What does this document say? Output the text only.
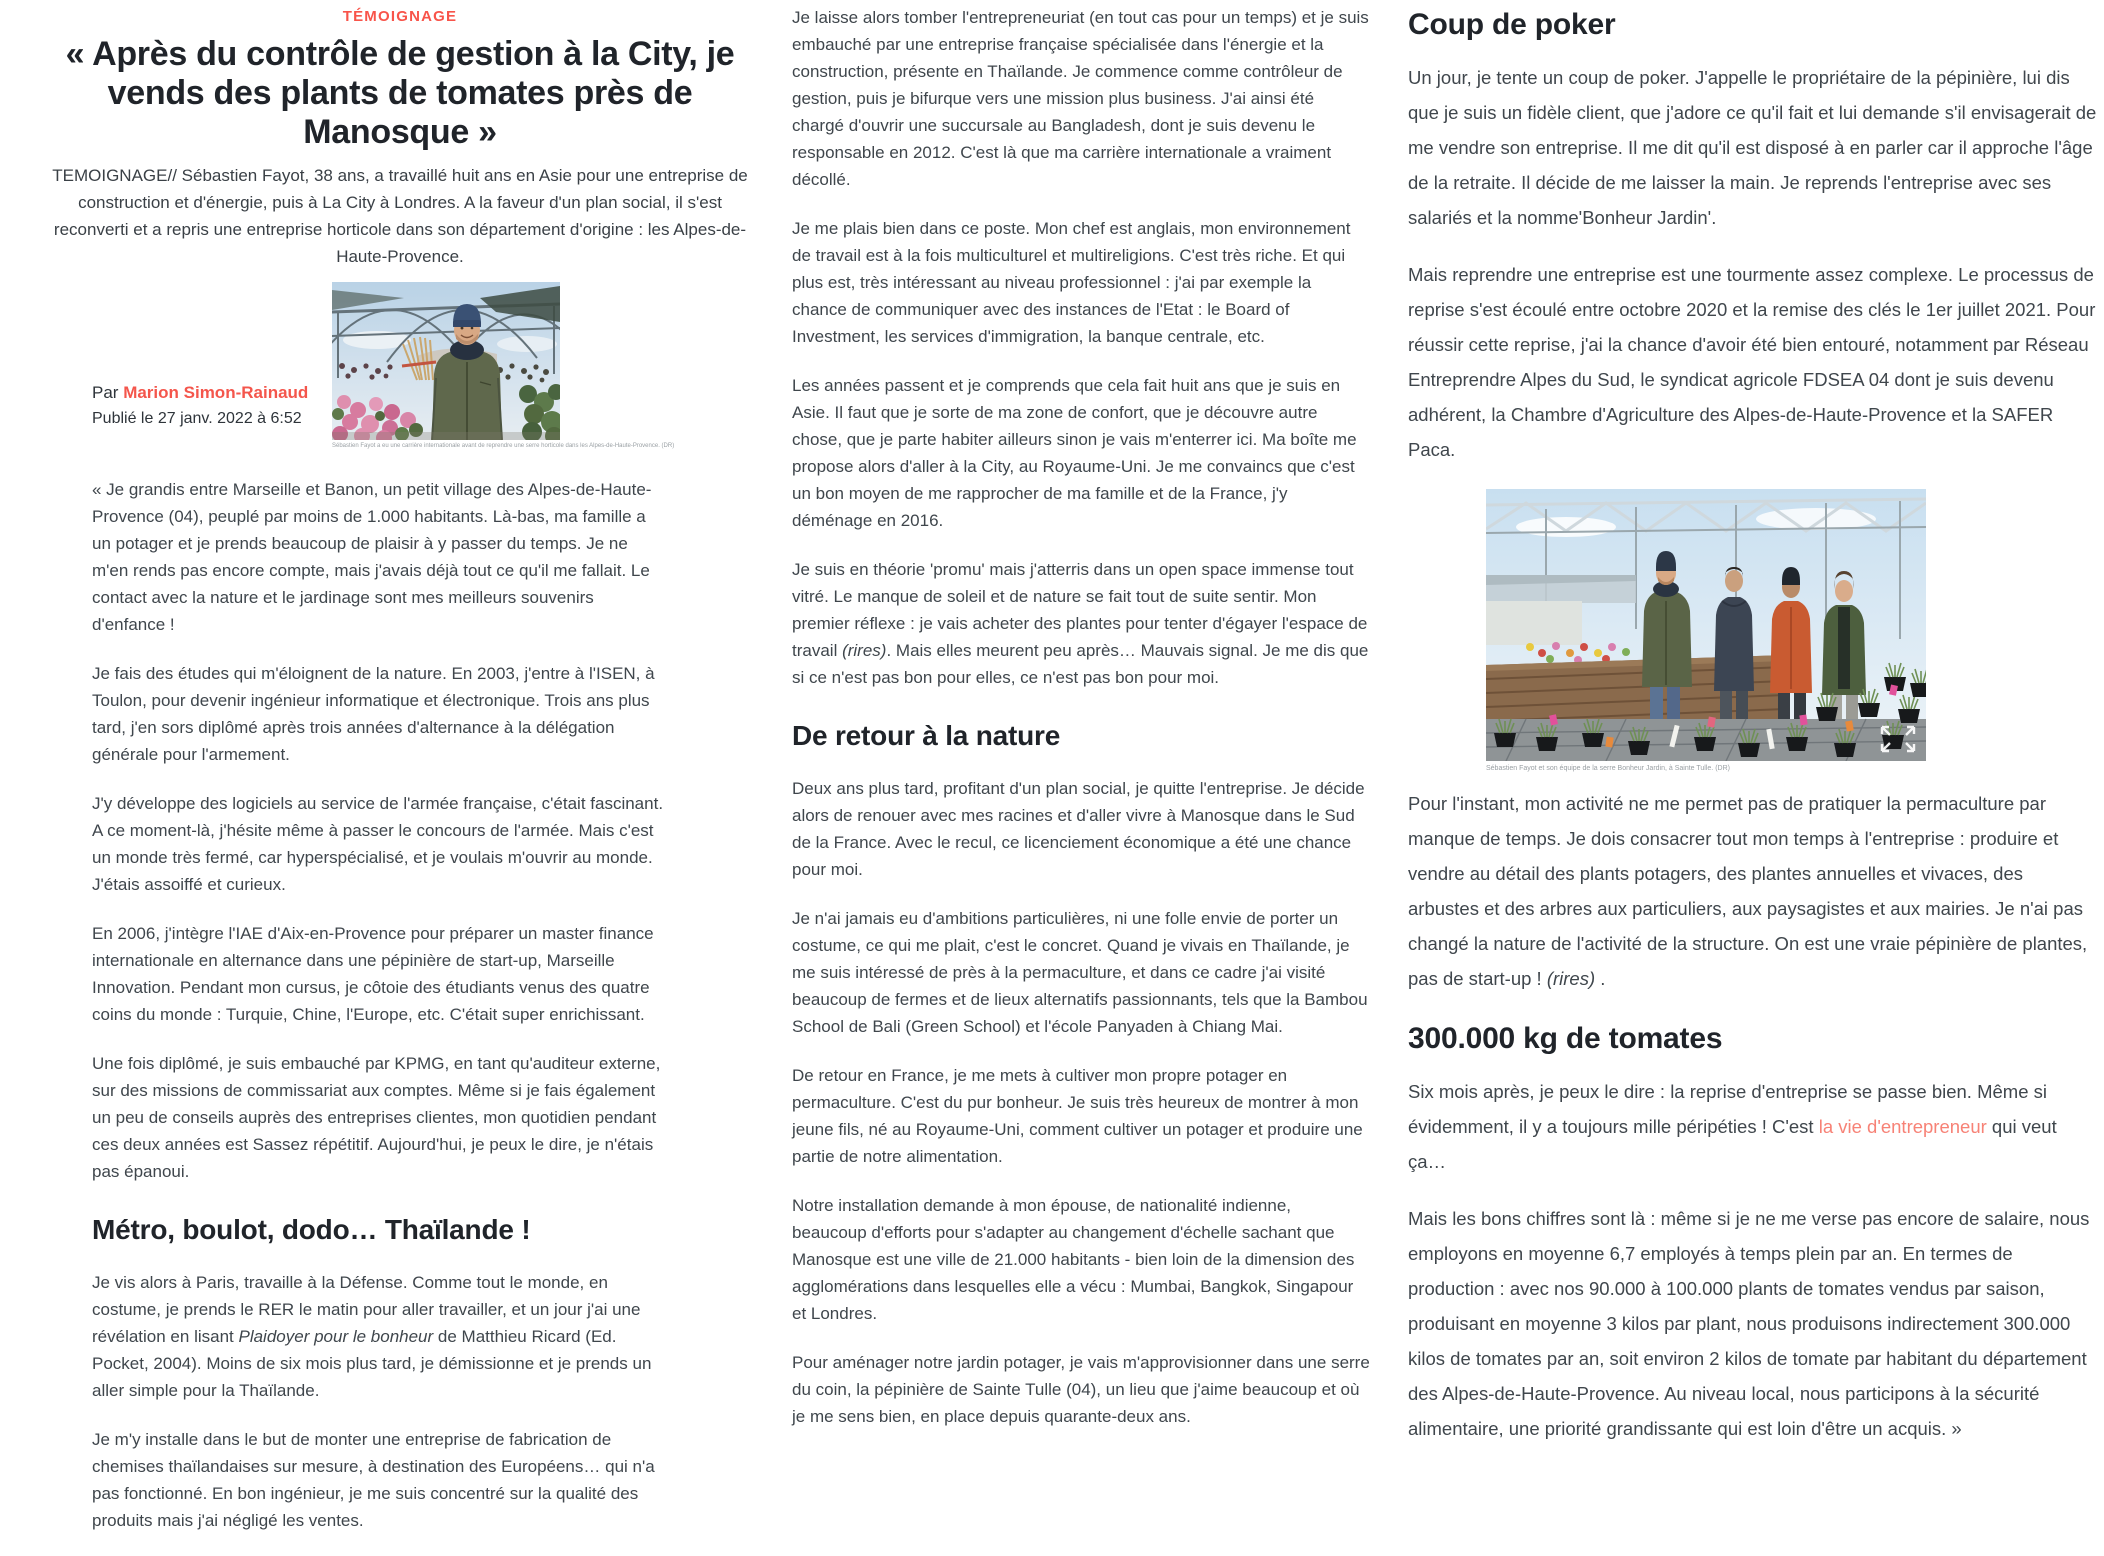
TÉMOIGNAGE
« Après du contrôle de gestion à la City, je vends des plants de tomates près de Manosque »

TEMOIGNAGE// Sébastien Fayot, 38 ans, a travaillé huit ans en Asie pour une entreprise de construction et d'énergie, puis à La City à Londres. A la faveur d'un plan social, il s'est reconverti et a repris une entreprise horticole dans son département d'origine : les Alpes-de-Haute-Provence.

Par Marion Simon-Rainaud
Publié le 27 janv. 2022 à 6:52
Sébastien Fayot a eu une carrière internationale avant de reprendre une serre horticole dans les Alpes-de-Haute-Provence. (DR)

« Je grandis entre Marseille et Banon, un petit village des Alpes-de-Haute-Provence (04), peuplé par moins de 1.000 habitants. Là-bas, ma famille a un potager et je prends beaucoup de plaisir à y passer du temps. Je ne m'en rends pas encore compte, mais j'avais déjà tout ce qu'il me fallait. Le contact avec la nature et le jardinage sont mes meilleurs souvenirs d'enfance !

Je fais des études qui m'éloignent de la nature. En 2003, j'entre à l'ISEN, à Toulon, pour devenir ingénieur informatique et électronique. Trois ans plus tard, j'en sors diplômé après trois années d'alternance à la délégation générale pour l'armement.

J'y développe des logiciels au service de l'armée française, c'était fascinant. A ce moment-là, j'hésite même à passer le concours de l'armée. Mais c'est un monde très fermé, car hyperspécialisé, et je voulais m'ouvrir au monde. J'étais assoiffé et curieux.

En 2006, j'intègre l'IAE d'Aix-en-Provence pour préparer un master finance internationale en alternance dans une pépinière de start-up, Marseille Innovation. Pendant mon cursus, je côtoie des étudiants venus des quatre coins du monde : Turquie, Chine, l'Europe, etc. C'était super enrichissant.

Une fois diplômé, je suis embauché par KPMG, en tant qu'auditeur externe, sur des missions de commissariat aux comptes. Même si je fais également un peu de conseils auprès des entreprises clientes, mon quotidien pendant ces deux années est Sassez répétitif. Aujourd'hui, je peux le dire, je n'étais pas épanoui.

Métro, boulot, dodo… Thaïlande !

Je vis alors à Paris, travaille à la Défense. Comme tout le monde, en costume, je prends le RER le matin pour aller travailler, et un jour j'ai une révélation en lisant Plaidoyer pour le bonheur de Matthieu Ricard (Ed. Pocket, 2004). Moins de six mois plus tard, je démissionne et je prends un aller simple pour la Thaïlande.

Je m'y installe dans le but de monter une entreprise de fabrication de chemises thaïlandaises sur mesure, à destination des Européens… qui n'a pas fonctionné. En bon ingénieur, je me suis concentré sur la qualité des produits mais j'ai négligé les ventes.

Je laisse alors tomber l'entrepreneuriat (en tout cas pour un temps) et je suis embauché par une entreprise française spécialisée dans l'énergie et la construction, présente en Thaïlande. Je commence comme contrôleur de gestion, puis je bifurque vers une mission plus business. J'ai ainsi été chargé d'ouvrir une succursale au Bangladesh, dont je suis devenu le responsable en 2012. C'est là que ma carrière internationale a vraiment décollé.

Je me plais bien dans ce poste. Mon chef est anglais, mon environnement de travail est à la fois multiculturel et multireligions. C'est très riche. Et qui plus est, très intéressant au niveau professionnel : j'ai par exemple la chance de communiquer avec des instances de l'Etat : le Board of Investment, les services d'immigration, la banque centrale, etc.

Les années passent et je comprends que cela fait huit ans que je suis en Asie. Il faut que je sorte de ma zone de confort, que je découvre autre chose, que je parte habiter ailleurs sinon je vais m'enterrer ici. Ma boîte me propose alors d'aller à la City, au Royaume-Uni. Je me convaincs que c'est un bon moyen de me rapprocher de ma famille et de la France, j'y déménage en 2016.

Je suis en théorie 'promu' mais j'atterris dans un open space immense tout vitré. Le manque de soleil et de nature se fait tout de suite sentir. Mon premier réflexe : je vais acheter des plantes pour tenter d'égayer l'espace de travail (rires). Mais elles meurent peu après… Mauvais signal. Je me dis que si ce n'est pas bon pour elles, ce n'est pas bon pour moi.

De retour à la nature

Deux ans plus tard, profitant d'un plan social, je quitte l'entreprise. Je décide alors de renouer avec mes racines et d'aller vivre à Manosque dans le Sud de la France. Avec le recul, ce licenciement économique a été une chance pour moi.

Je n'ai jamais eu d'ambitions particulières, ni une folle envie de porter un costume, ce qui me plait, c'est le concret. Quand je vivais en Thaïlande, je me suis intéressé de près à la permaculture, et dans ce cadre j'ai visité beaucoup de fermes et de lieux alternatifs passionnants, tels que la Bambou School de Bali (Green School) et l'école Panyaden à Chiang Mai.

De retour en France, je me mets à cultiver mon propre potager en permaculture. C'est du pur bonheur. Je suis très heureux de montrer à mon jeune fils, né au Royaume-Uni, comment cultiver un potager et produire une partie de notre alimentation.

Notre installation demande à mon épouse, de nationalité indienne, beaucoup d'efforts pour s'adapter au changement d'échelle sachant que Manosque est une ville de 21.000 habitants - bien loin de la dimension des agglomérations dans lesquelles elle a vécu : Mumbai, Bangkok, Singapour et Londres.

Pour aménager notre jardin potager, je vais m'approvisionner dans une serre du coin, la pépinière de Sainte Tulle (04), un lieu que j'aime beaucoup et où je me sens bien, en place depuis quarante-deux ans.

Coup de poker

Un jour, je tente un coup de poker. J'appelle le propriétaire de la pépinière, lui dis que je suis un fidèle client, que j'adore ce qu'il fait et lui demande s'il envisagerait de me vendre son entreprise. Il me dit qu'il est disposé à en parler car il approche l'âge de la retraite. Il décide de me laisser la main. Je reprends l'entreprise avec ses salariés et la nomme'Bonheur Jardin'.

Mais reprendre une entreprise est une tourmente assez complexe. Le processus de reprise s'est écoulé entre octobre 2020 et la remise des clés le 1er juillet 2021. Pour réussir cette reprise, j'ai la chance d'avoir été bien entouré, notamment par Réseau Entreprendre Alpes du Sud, le syndicat agricole FDSEA 04 dont je suis devenu adhérent, la Chambre d'Agriculture des Alpes-de-Haute-Provence et la SAFER Paca.

Sébastien Fayot et son équipe de la serre Bonheur Jardin, à Sainte Tulle. (DR)

Pour l'instant, mon activité ne me permet pas de pratiquer la permaculture par manque de temps. Je dois consacrer tout mon temps à l'entreprise : produire et vendre au détail des plants potagers, des plantes annuelles et vivaces, des arbustes et des arbres aux particuliers, aux paysagistes et aux mairies. Je n'ai pas changé la nature de l'activité de la structure. On est une vraie pépinière de plantes, pas de start-up ! (rires) .

300.000 kg de tomates

Six mois après, je peux le dire : la reprise d'entreprise se passe bien. Même si évidemment, il y a toujours mille péripéties ! C'est la vie d'entrepreneur qui veut ça…

Mais les bons chiffres sont là : même si je ne me verse pas encore de salaire, nous employons en moyenne 6,7 employés à temps plein par an. En termes de production : avec nos 90.000 à 100.000 plants de tomates vendus par saison, produisant en moyenne 3 kilos par plant, nous produisons indirectement 300.000 kilos de tomates par an, soit environ 2 kilos de tomate par habitant du département des Alpes-de-Haute-Provence. Au niveau local, nous participons à la sécurité alimentaire, une priorité grandissante qui est loin d'être un acquis. »
